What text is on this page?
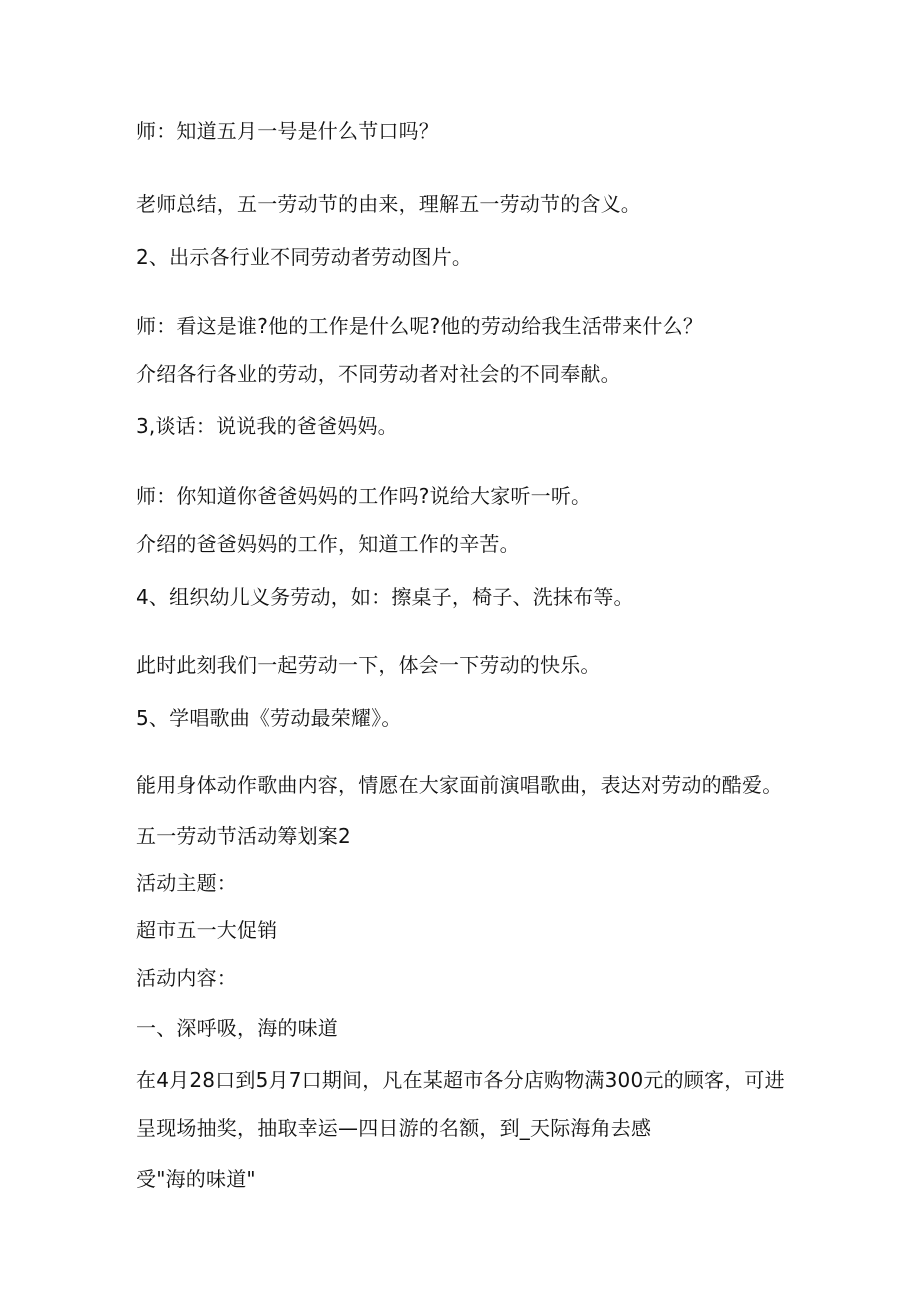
师：知道五月一号是什么节口吗？

老师总结，五一劳动节的由来，理解五一劳动节的含义。

2、出示各行业不同劳动者劳动图片。

师：看这是谁?他的工作是什么呢?他的劳动给我生活带来什么？

介绍各行各业的劳动，不同劳动者对社会的不同奉献。

3,谈话：说说我的爸爸妈妈。

师：你知道你爸爸妈妈的工作吗?说给大家听一听。

介绍的爸爸妈妈的工作，知道工作的辛苦。

4、组织幼儿义务劳动，如：擦桌子，椅子、洗抹布等。

此时此刻我们一起劳动一下，体会一下劳动的快乐。

5、学唱歌曲《劳动最荣耀》。

能用身体动作歌曲内容，情愿在大家面前演唱歌曲，表达对劳动的酷爱。

五一劳动节活动筹划案2

活动主题：

超市五一大促销

活动内容：

一、深呼吸，海的味道

在4月28口到5月7口期间，凡在某超市各分店购物满300元的顾客，可进

呈现场抽奖，抽取幸运—四日游的名额，到_天际海角去感

受"海的味道"
